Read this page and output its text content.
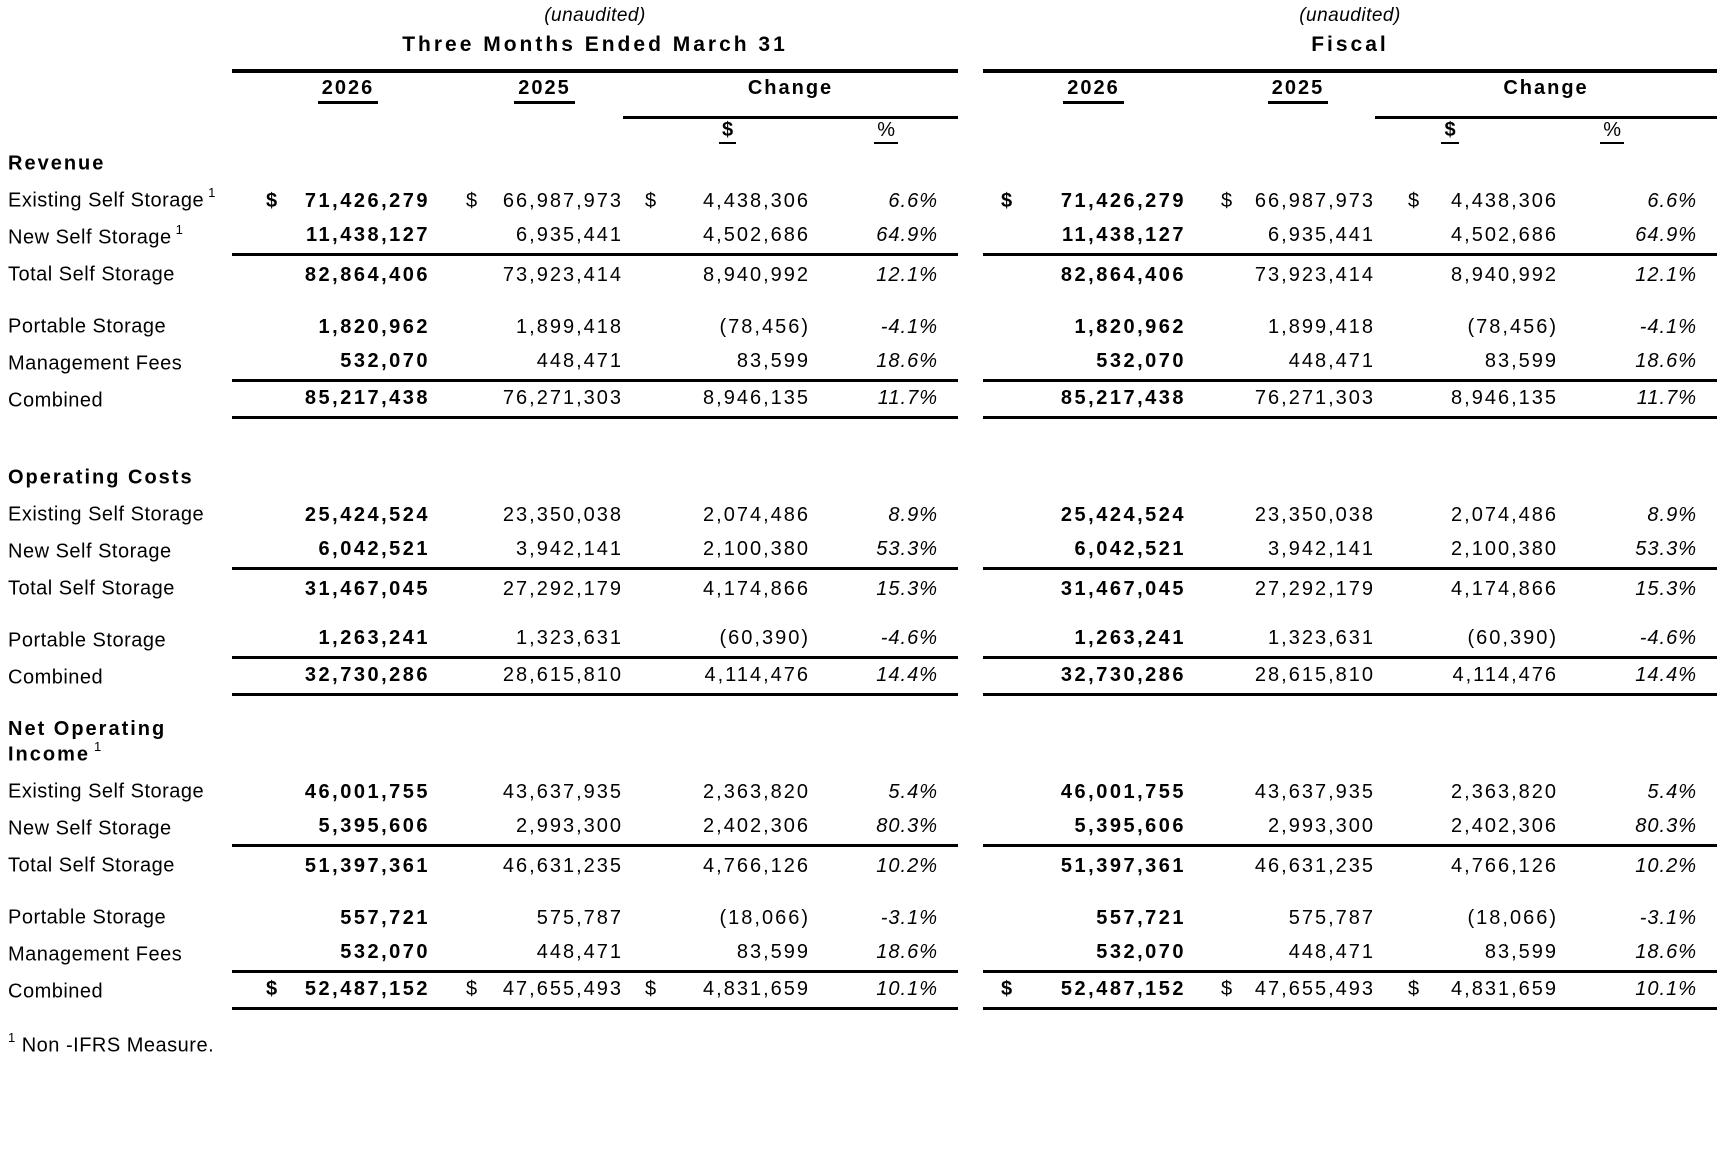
(unaudited)	(unaudited)
Three Months Ended March 31	Fiscal
2026	2025	Change	2026	2025	Change
$	%	$	%
Revenue
Existing Self Storage $^1$	$	71,426,279 $	66,987,973 $	4,438,306	6.6%	$	71,426,279 $	66,987,973 $	4,438,306	6.6%
New Self Storage $^1$	11,438,127	6,935,441	4,502,686	64.9%	11,438,127	6,935,441	4,502,686	64.9%
Total Self Storage	82,864,406	73,923,414	8,940,992	12.1%	82,864,406	73,923,414	8,940,992	12.1%
Portable Storage	1,820,962	1,899,418	(78,456)	-4.1%	1,820,962	1,899,418	(78,456)	-4.1%
Management Fees	532,070	448,471	83,599	18.6%	532,070	448,471	83,599	18.6%
Combined	85,217,438	76,271,303	8,946,135	11.7%	85,217,438	76,271,303	8,946,135	11.7%
Operating Costs
Existing Self Storage	25,424,524	23,350,038	2,074,486	8.9%	25,424,524	23,350,038	2,074,486	8.9%
New Self Storage	6,042,521	3,942,141	2,100,380	53.3%	6,042,521	3,942,141	2,100,380	53.3%
Total Self Storage	31,467,045	27,292,179	4,174,866	15.3%	31,467,045	27,292,179	4,174,866	15.3%
Portable Storage	1,263,241	1,323,631	(60,390)	-4.6%	1,263,241	1,323,631	(60,390)	-4.6%
Combined	32,730,286	28,615,810	4,114,476	14.4%	32,730,286	28,615,810	4,114,476	14.4%
Net Operating Income $^1$
Existing Self Storage	46,001,755	43,637,935	2,363,820	5.4%	46,001,755	43,637,935	2,363,820	5.4%
New Self Storage	5,395,606	2,993,300	2,402,306	80.3%	5,395,606	2,993,300	2,402,306	80.3%
Total Self Storage	51,397,361	46,631,235	4,766,126	10.2%	51,397,361	46,631,235	4,766,126	10.2%
Portable Storage	557,721	575,787	(18,066)	-3.1%	557,721	575,787	(18,066)	-3.1%
Management Fees	532,070	448,471	83,599	18.6%	532,070	448,471	83,599	18.6%
Combined	$	52,487,152 $	47,655,493 $	4,831,659	10.1%	$	52,487,152 $	47,655,493 $	4,831,659	10.1%
$^1$ Non -IFRS Measure.
